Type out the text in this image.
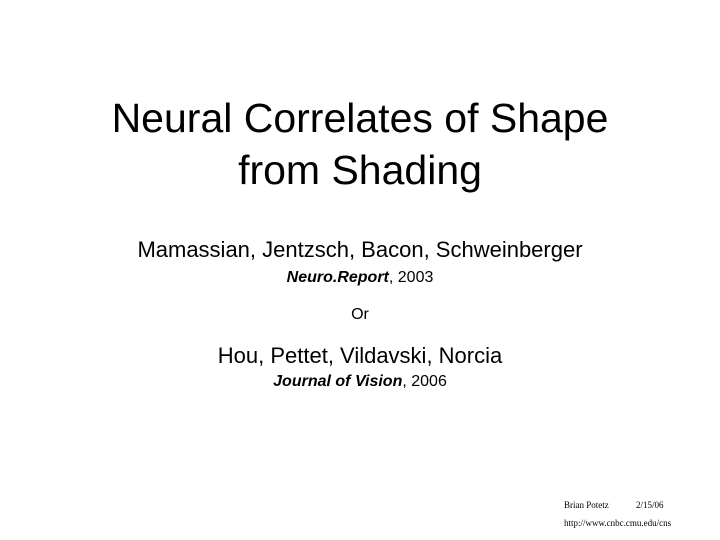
Neural Correlates of Shape
from Shading
Mamassian, Jentzsch, Bacon, Schweinberger
Neuro.Report, 2003
Or
Hou, Pettet, Vildavski, Norcia
Journal of Vision, 2006
Brian Potetz	2/15/06
http://www.cnbc.cmu.edu/cns
